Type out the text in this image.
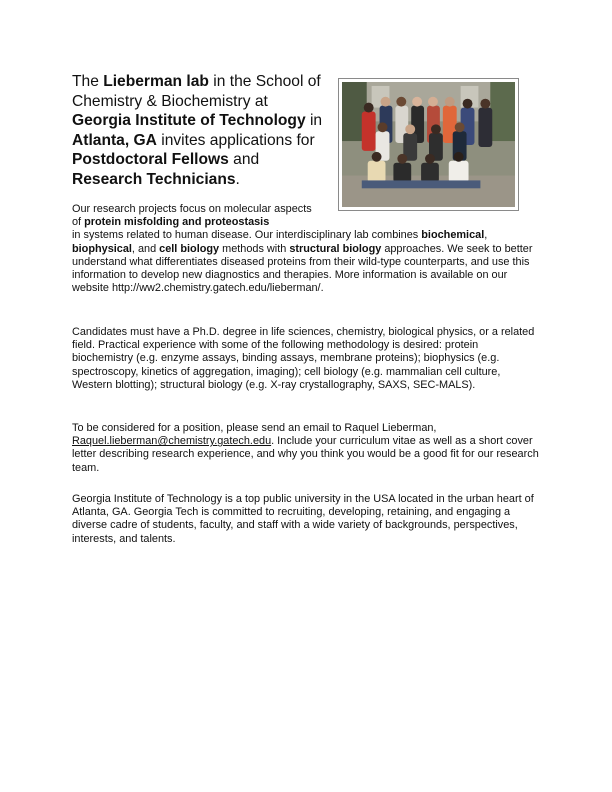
The Lieberman lab in the School of Chemistry & Biochemistry at Georgia Institute of Technology in Atlanta, GA invites applications for Postdoctoral Fellows and Research Technicians.
Our research projects focus on molecular aspects of protein misfolding and proteostasis
in systems related to human disease. Our interdisciplinary lab combines biochemical, biophysical, and cell biology methods with structural biology approaches. We seek to better understand what differentiates diseased proteins from their wild-type counterparts, and use this information to develop new diagnostics and therapies. More information is available on our website http://ww2.chemistry.gatech.edu/lieberman/.
Candidates must have a Ph.D. degree in life sciences, chemistry, biological physics, or a related field. Practical experience with some of the following methodology is desired: protein biochemistry (e.g. enzyme assays, binding assays, membrane proteins); biophysics (e.g. spectroscopy, kinetics of aggregation, imaging); cell biology (e.g. mammalian cell culture, Western blotting); structural biology (e.g. X-ray crystallography, SAXS, SEC-MALS).
To be considered for a position, please send an email to Raquel Lieberman, Raquel.lieberman@chemistry.gatech.edu. Include your curriculum vitae as well as a short cover letter describing research experience, and why you think you would be a good fit for our research team.
Georgia Institute of Technology is a top public university in the USA located in the urban heart of Atlanta, GA. Georgia Tech is committed to recruiting, developing, retaining, and engaging a diverse cadre of students, faculty, and staff with a wide variety of backgrounds, perspectives, interests, and talents.
